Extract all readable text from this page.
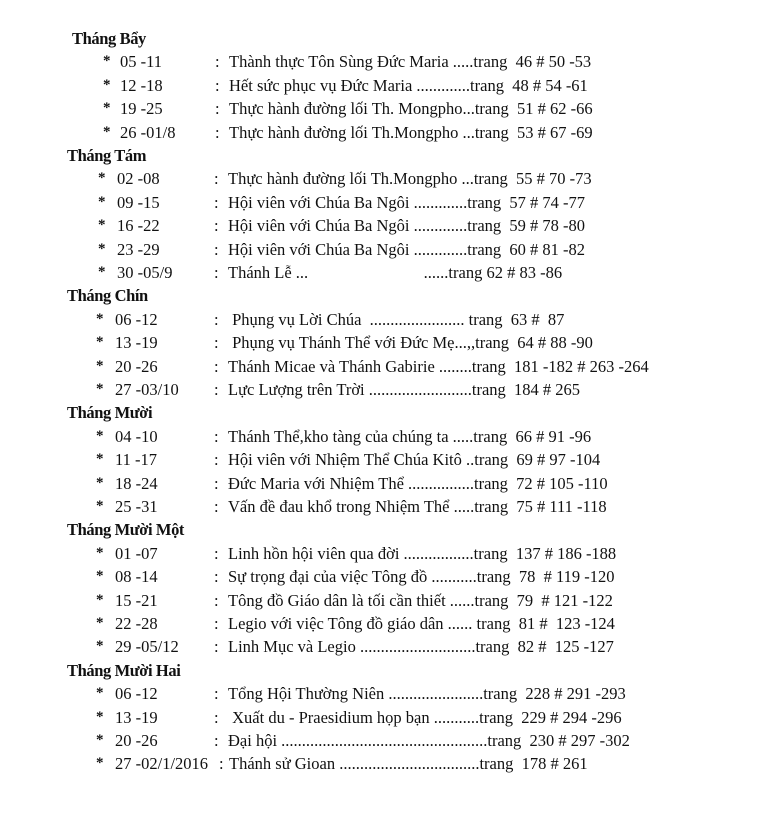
Tháng Bẩy
* 05 -11	: Thành thực Tôn Sùng Đức Maria .....trang  46 # 50 -53
* 12 -18	: Hết sức phục vụ Đức Maria .............trang  48 # 54 -61
* 19 -25	: Thực hành đường lối Th. Mongpho...trang  51 # 62 -66
* 26 -01/8 : Thực hành đường lối Th.Mongpho ...trang  53 # 67 -69
Tháng Tám
* 02 -08	: Thực hành đường lối Th.Mongpho ...trang  55 # 70 -73
* 09 -15	: Hội viên với Chúa Ba Ngôi .............trang  57 # 74 -77
* 16 -22	: Hội viên với Chúa Ba Ngôi .............trang  59 # 78 -80
* 23 -29	: Hội viên với Chúa Ba Ngôi .............trang  60 # 81 -82
* 30 -05/9	: Thánh Lễ ...                            ......trang 62 # 83 -86
Tháng Chín
* 06 -12	: Phụng vụ Lời Chúa  ....................... trang  63 #  87
* 13 -19	: Phụng vụ Thánh Thể với Đức Mẹ...,,trang  64 # 88 -90
* 20 -26	: Thánh Micae và Thánh Gabirie ........trang  181 -182 # 263 -264
* 27 -03/10 : Lực Lượng trên Trời .........................trang  184 # 265
Tháng Mười
* 04 -10	: Thánh Thể,kho tàng của chúng ta .....trang  66 # 91 -96
* 11 -17	: Hội viên với Nhiệm Thể Chúa Kitô ..trang  69 # 97 -104
* 18 -24	: Đức Maria với Nhiệm Thể ................trang  72 # 105 -110
* 25 -31	: Vấn đề đau khổ trong Nhiệm Thể .....trang  75 # 111 -118
Tháng Mười Một
* 01 -07	: Linh hồn hội viên qua đời .................trang  137 # 186 -188
* 08 -14	: Sự trọng đại của việc Tông đồ ...........trang  78  # 119 -120
* 15 -21	: Tông đồ Giáo dân là tối cần thiết ......trang  79  # 121 -122
* 22 -28	: Legio với việc Tông đồ giáo dân ...... trang  81 #  123 -124
* 29 -05/12 : Linh Mục và Legio ............................trang  82 #  125 -127
Tháng Mười Hai
* 06 -12	: Tổng Hội Thường Niên .......................trang  228 # 291 -293
* 13 -19	: Xuất du - Praesidium họp bạn ...........trang  229 # 294 -296
* 20 -26	: Đại hội ..................................................trang  230 # 297 -302
* 27 -02/1/2016 : Thánh sử Gioan ..................................trang  178 # 261
